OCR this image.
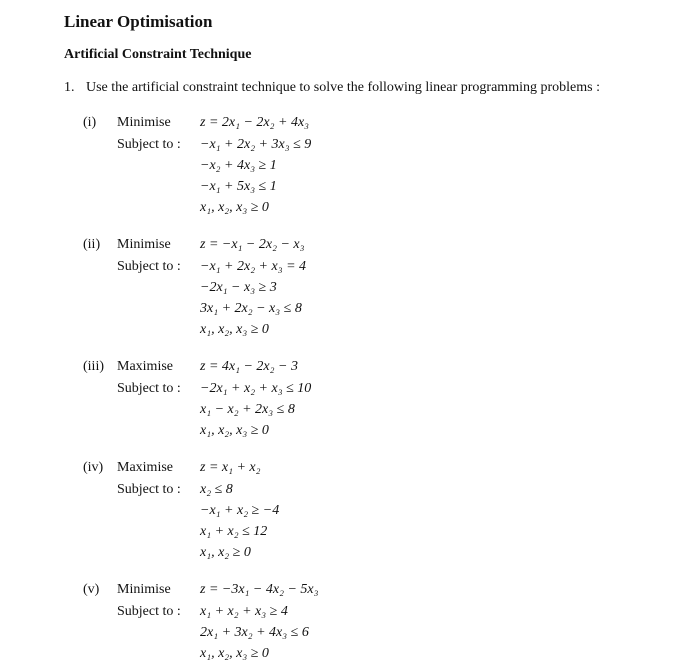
Linear Optimisation
Artificial Constraint Technique
1. Use the artificial constraint technique to solve the following linear programming problems :
(i) Minimise
Subject to :
z = 2x₁ − 2x₂ + 4x₃
−x₁ + 2x₂ + 3x₃ ≤ 9
−x₂ + 4x₃ ≥ 1
−x₁ + 5x₃ ≤ 1
x₁, x₂, x₃ ≥ 0
(ii) Minimise
Subject to :
z = −x₁ − 2x₂ − x₃
−x₁ + 2x₂ + x₃ = 4
−2x₁ − x₃ ≥ 3
3x₁ + 2x₂ − x₃ ≤ 8
x₁, x₂, x₃ ≥ 0
(iii) Maximise
Subject to :
z = 4x₁ − 2x₂ − 3
−2x₁ + x₂ + x₃ ≤ 10
x₁ − x₂ + 2x₃ ≤ 8
x₁, x₂, x₃ ≥ 0
(iv) Maximise
Subject to :
z = x₁ + x₂
x₂ ≤ 8
−x₁ + x₂ ≥ −4
x₁ + x₂ ≤ 12
x₁, x₂ ≥ 0
(v) Minimise
Subject to :
z = −3x₁ − 4x₂ − 5x₃
x₁ + x₂ + x₃ ≥ 4
2x₁ + 3x₂ + 4x₃ ≤ 6
x₁, x₂, x₃ ≥ 0
